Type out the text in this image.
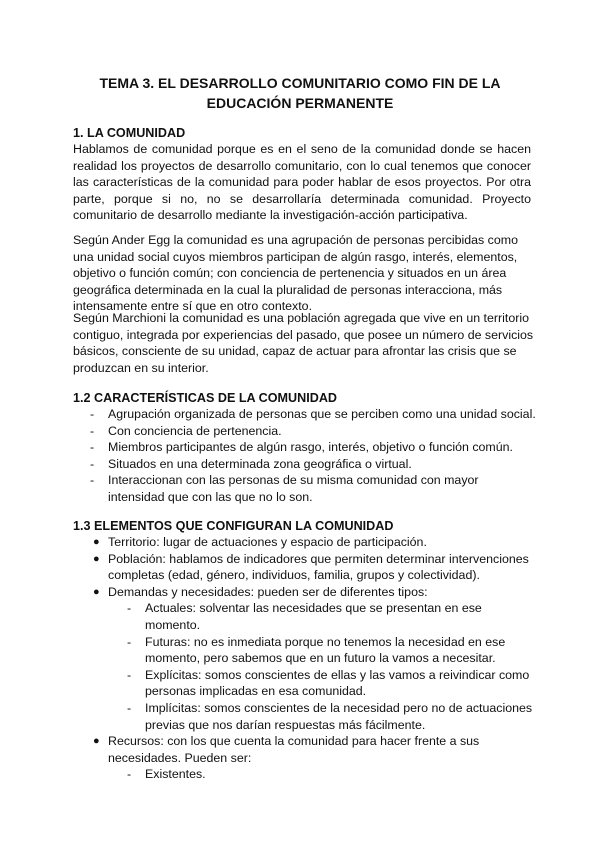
TEMA 3. EL DESARROLLO COMUNITARIO COMO FIN DE LA
EDUCACIÓN PERMANENTE
1. LA COMUNIDAD
Hablamos de comunidad porque es en el seno de la comunidad donde se hacen
realidad los proyectos de desarrollo comunitario, con lo cual tenemos que conocer
las características de la comunidad para poder hablar de esos proyectos. Por otra
parte, porque si no, no se desarrollaría determinada comunidad. Proyecto
comunitario de desarrollo mediante la investigación-acción participativa.
Según Ander Egg la comunidad es una agrupación de personas percibidas como
una unidad social cuyos miembros participan de algún rasgo, interés, elementos,
objetivo o función común; con conciencia de pertenencia y situados en un área
geográfica determinada en la cual la pluralidad de personas interacciona, más
intensamente entre sí que en otro contexto.
Según Marchioni la comunidad es una población agregada que vive en un territorio
contiguo, integrada por experiencias del pasado, que posee un número de servicios
básicos, consciente de su unidad, capaz de actuar para afrontar las crisis que se
produzcan en su interior.
1.2 CARACTERÍSTICAS DE LA COMUNIDAD
- Agrupación organizada de personas que se perciben como una unidad social.
- Con conciencia de pertenencia.
- Miembros participantes de algún rasgo, interés, objetivo o función común.
- Situados en una determinada zona geográfica o virtual.
- Interaccionan con las personas de su misma comunidad con mayor
intensidad que con las que no lo son.
1.3 ELEMENTOS QUE CONFIGURAN LA COMUNIDAD
● Territorio: lugar de actuaciones y espacio de participación.
● Población: hablamos de indicadores que permiten determinar intervenciones
completas (edad, género, individuos, familia, grupos y colectividad).
● Demandas y necesidades: pueden ser de diferentes tipos:
- Actuales: solventar las necesidades que se presentan en ese
momento.
- Futuras: no es inmediata porque no tenemos la necesidad en ese
momento, pero sabemos que en un futuro la vamos a necesitar.
- Explícitas: somos conscientes de ellas y las vamos a reivindicar como
personas implicadas en esa comunidad.
- Implícitas: somos conscientes de la necesidad pero no de actuaciones
previas que nos darían respuestas más fácilmente.
● Recursos: con los que cuenta la comunidad para hacer frente a sus
necesidades. Pueden ser:
- Existentes.
